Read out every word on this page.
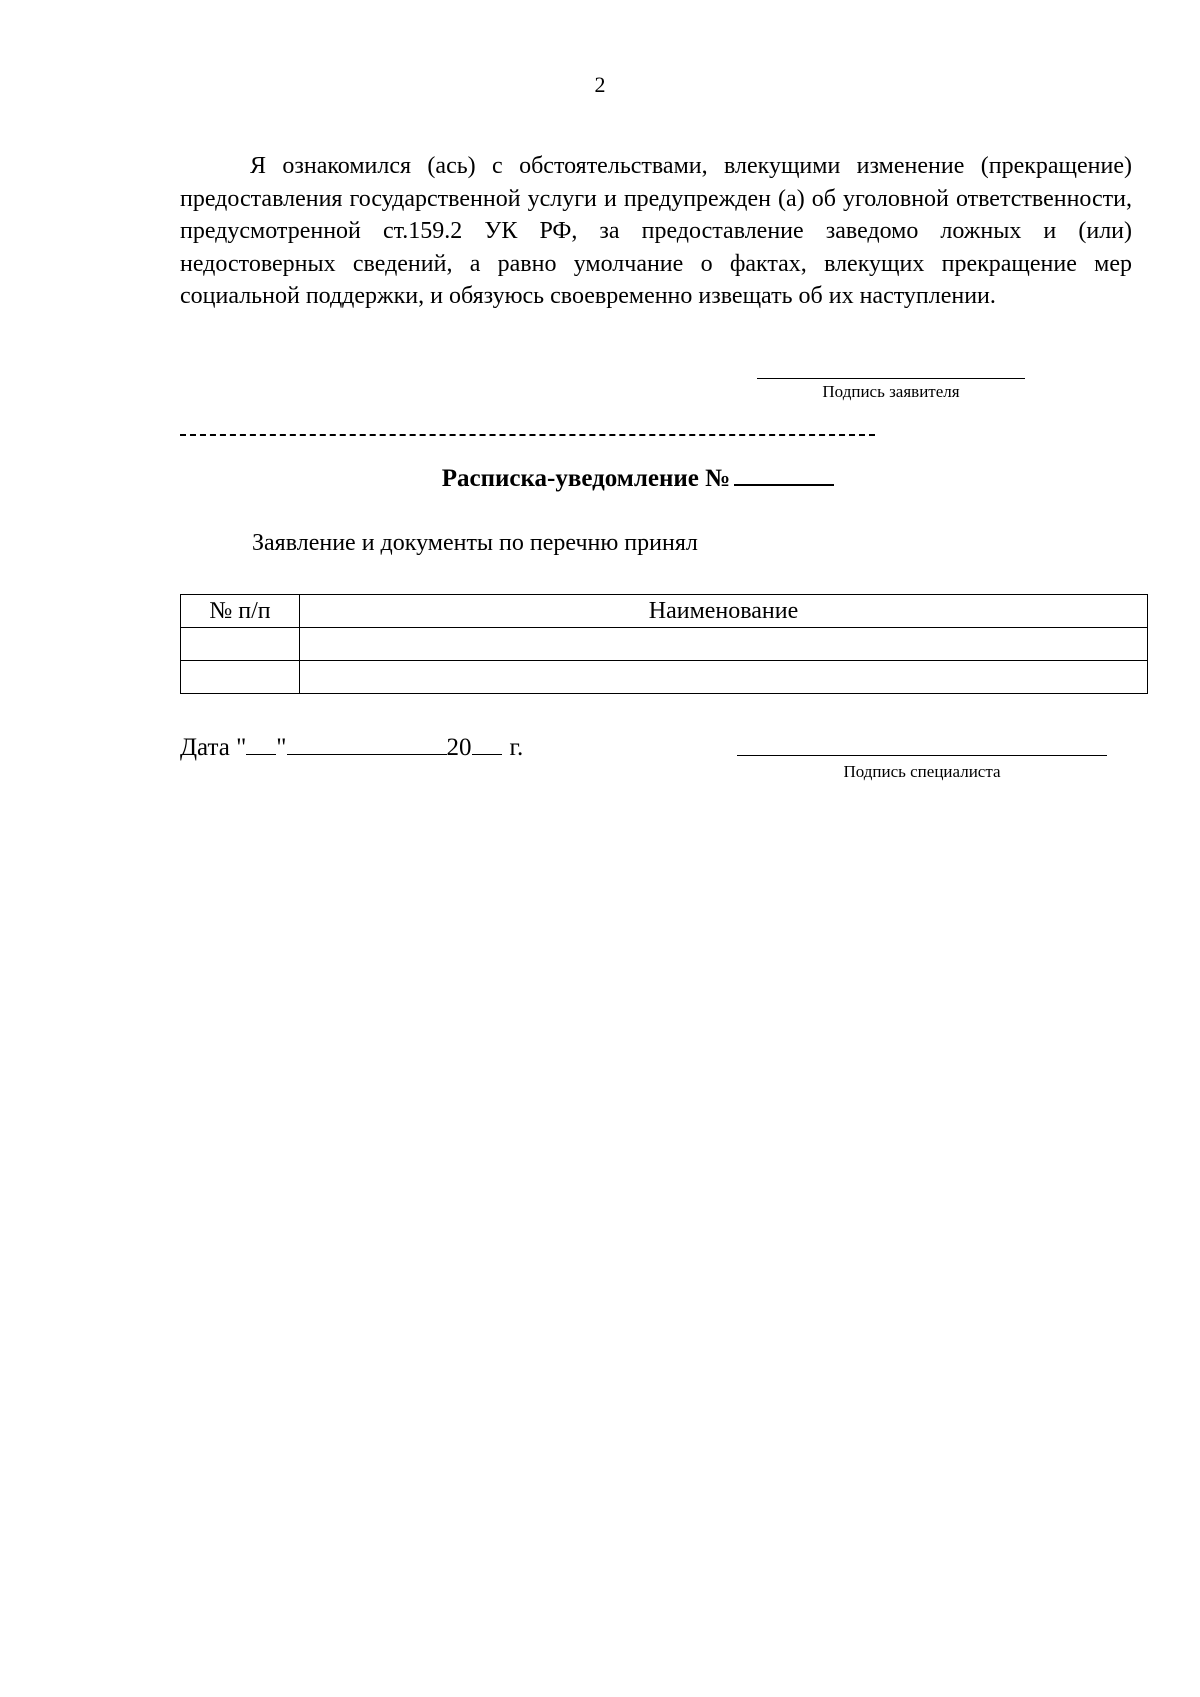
2

Я ознакомился (ась) с обстоятельствами, влекущими изменение (прекращение) предоставления государственной услуги и предупрежден (а) об уголовной ответственности, предусмотренной ст.159.2 УК РФ, за предоставление заведомо ложных и (или) недостоверных сведений, а равно умолчание о фактах, влекущих прекращение мер социальной поддержки, и обязуюсь своевременно извещать об их наступлении.

Подпись заявителя
Расписка-уведомление №
Заявление и документы по перечню принял
№ п/п	Наименование

Дата " "	20 г.
Подпись специалиста
